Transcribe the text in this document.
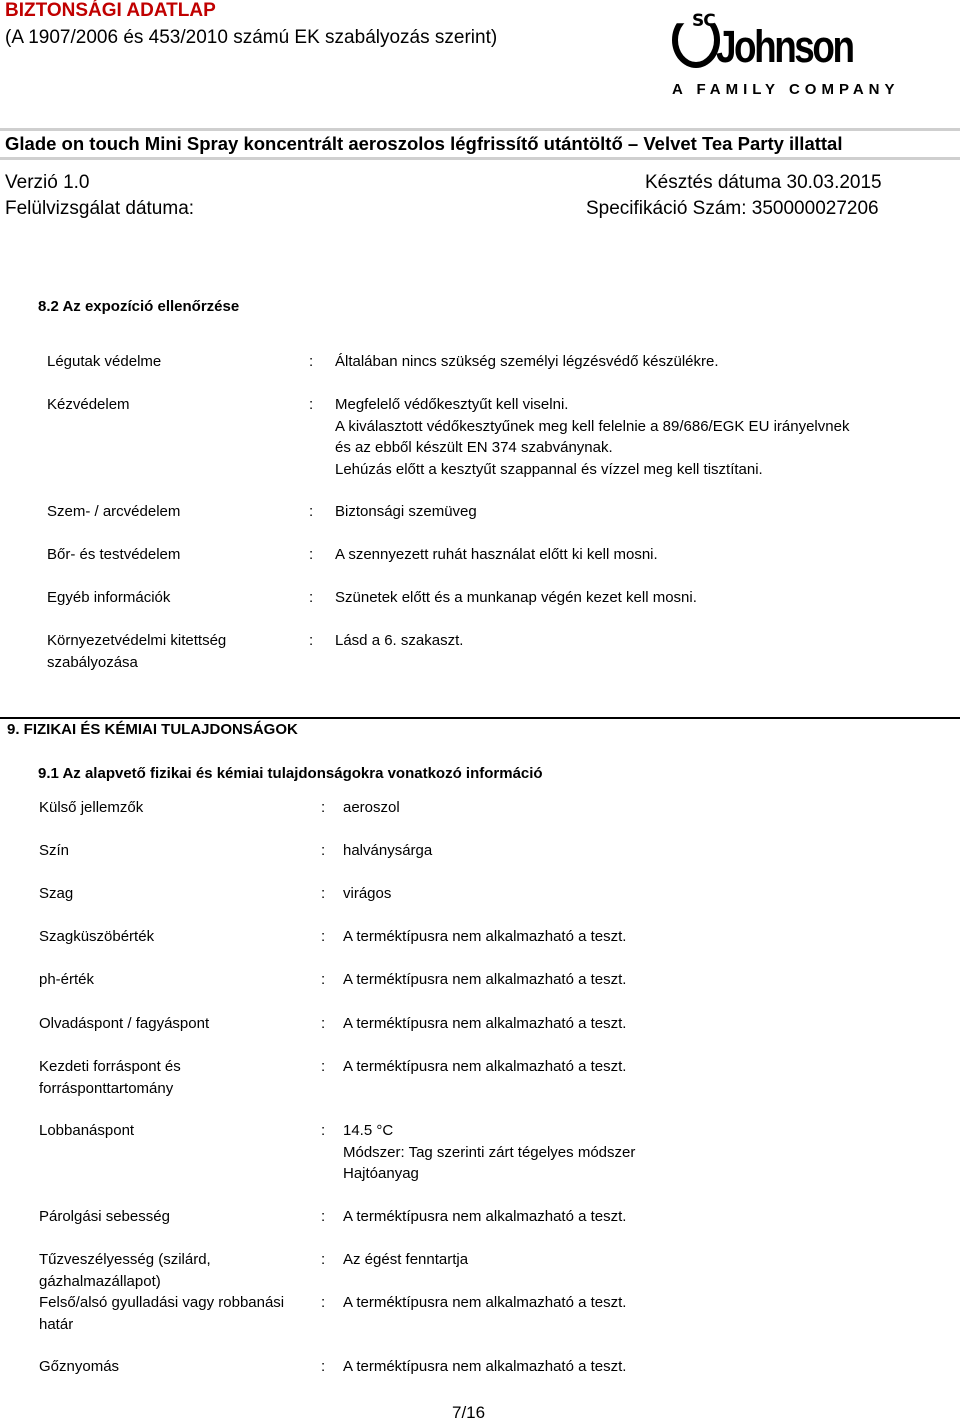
BIZTONSÁGI ADATLAP
(A 1907/2006 és 453/2010 számú EK szabályozás szerint)
SC Johnson
A FAMILY COMPANY
Glade on touch Mini Spray koncentrált aeroszolos légfrissítő utántöltő – Velvet Tea Party illattal
Verzió 1.0	Késztés dátuma 30.03.2015
Felülvizsgálat dátuma:	Specifikáció Szám: 350000027206
8.2 Az expozíció ellenőrzése
Légutak védelme	: Általában nincs szükség személyi légzésvédő készülékre.
Kézvédelem	: Megfelelő védőkesztyűt kell viselni.
A kiválasztott védőkesztyűnek meg kell felelnie a 89/686/EGK EU irányelvnek
és az ebből készült EN 374 szabványnak.
Lehúzás előtt a kesztyűt szappannal és vízzel meg kell tisztítani.
Szem- / arcvédelem	: Biztonsági szemüveg
Bőr- és testvédelem	: A szennyezett ruhát használat előtt ki kell mosni.
Egyéb információk	: Szünetek előtt és a munkanap végén kezet kell mosni.
Környezetvédelmi kitettség
szabályozása
: Lásd a 6. szakaszt.
9. FIZIKAI ÉS KÉMIAI TULAJDONSÁGOK
9.1 Az alapvető fizikai és kémiai tulajdonságokra vonatkozó információ
Külső jellemzők	: aeroszol
Szín	: halványsárga
Szag	: virágos
Szagküszöbérték	: A terméktípusra nem alkalmazható a teszt.
ph-érték	: A terméktípusra nem alkalmazható a teszt.
Olvadáspont / fagyáspont	: A terméktípusra nem alkalmazható a teszt.
Kezdeti forráspont és
forrásponttartomány
: A terméktípusra nem alkalmazható a teszt.
Lobbanáspont	: 14.5 °C
Módszer: Tag szerinti zárt tégelyes módszer
Hajtóanyag
Párolgási sebesség	: A terméktípusra nem alkalmazható a teszt.
Tűzveszélyesség (szilárd,
gázhalmazállapot)
: Az égést fenntartja
Felső/alsó gyulladási vagy robbanási
határ
: A terméktípusra nem alkalmazható a teszt.
Gőznyomás	: A terméktípusra nem alkalmazható a teszt.
7/16
